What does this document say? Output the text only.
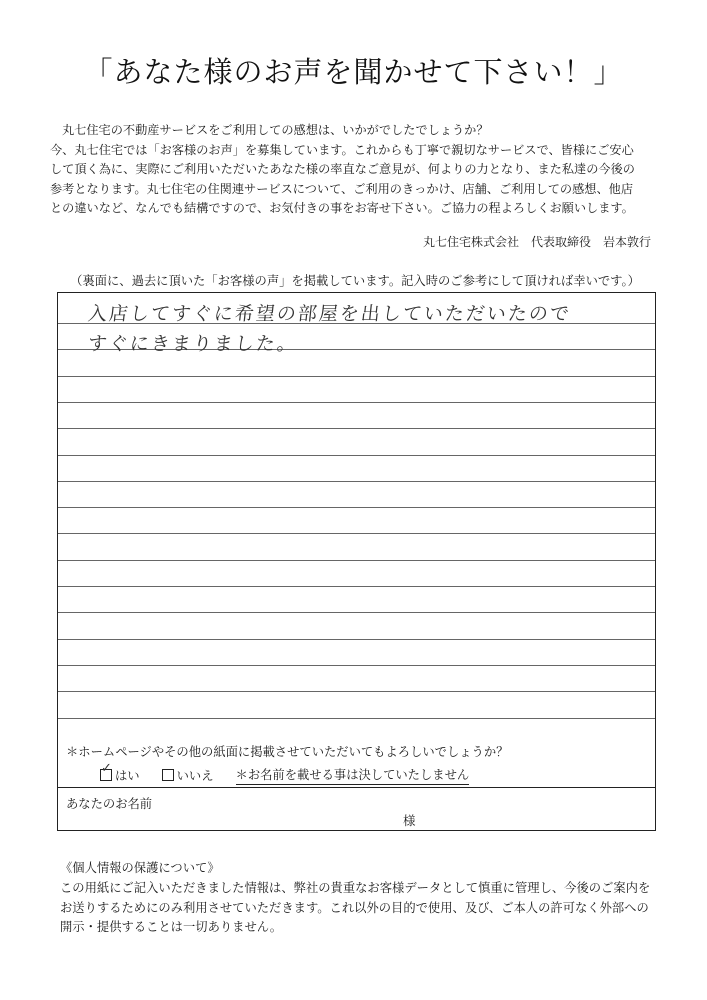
「あなた様のお声を聞かせて下さい！」
丸七住宅の不動産サービスをご利用しての感想は、いかがでしたでしょうか？
今、丸七住宅では「お客様のお声」を募集しています。これからも丁寧で親切なサービスで、皆様にご安心
して頂く為に、実際にご利用いただいたあなた様の率直なご意見が、何よりの力となり、また私達の今後の
参考となります。丸七住宅の住関連サービスについて、ご利用のきっかけ、店舗、ご利用しての感想、他店
との違いなど、なんでも結構ですので、お気付きの事をお寄せ下さい。ご協力の程よろしくお願いします。
丸七住宅株式会社　代表取締役　岩本敦行
（裏面に、過去に頂いた「お客様の声」を掲載しています。記入時のご参考にして頂ければ幸いです。）
入店してすぐに希望の部屋を出していただいたので
すぐにきまりました。
＊ホームページやその他の紙面に掲載させていただいてもよろしいでしょうか？
✓ はい	いいえ ＊お名前を載せる事は決していたしません
あなたのお名前
様
《個人情報の保護について》
この用紙にご記入いただきました情報は、弊社の貴重なお客様データとして慎重に管理し、今後のご案内を
お送りするためにのみ利用させていただきます。これ以外の目的で使用、及び、ご本人の許可なく外部への
開示・提供することは一切ありません。
